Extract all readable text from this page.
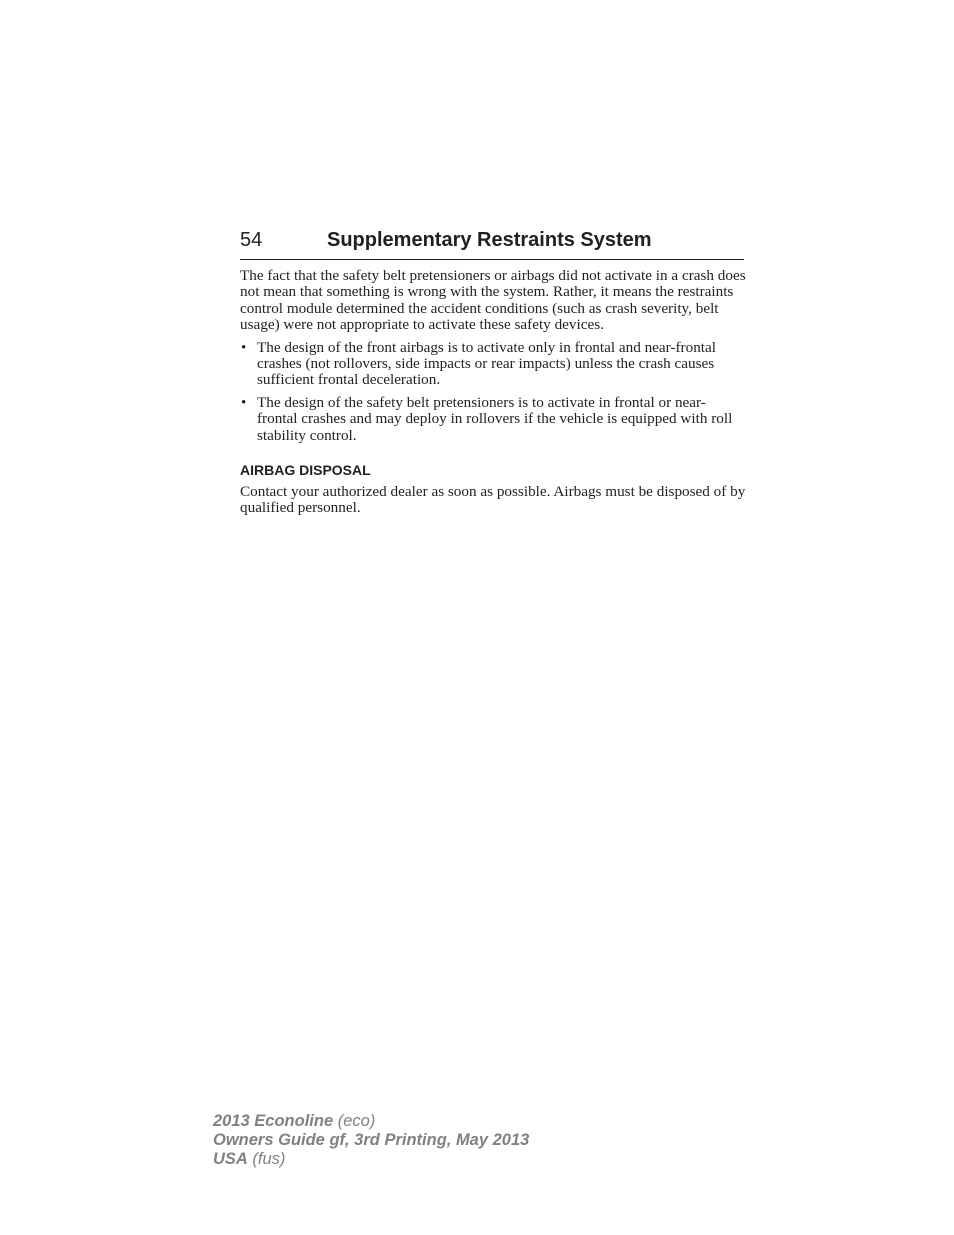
54	Supplementary Restraints System

The fact that the safety belt pretensioners or airbags did not activate in a crash does not mean that something is wrong with the system. Rather, it means the restraints control module determined the accident conditions (such as crash severity, belt usage) were not appropriate to activate these safety devices.

• The design of the front airbags is to activate only in frontal and near-frontal crashes (not rollovers, side impacts or rear impacts) unless the crash causes sufficient frontal deceleration.
• The design of the safety belt pretensioners is to activate in frontal or near-frontal crashes and may deploy in rollovers if the vehicle is equipped with roll stability control.
AIRBAG DISPOSAL

Contact your authorized dealer as soon as possible. Airbags must be disposed of by qualified personnel.

2013 Econoline (eco)
Owners Guide gf, 3rd Printing, May 2013
USA (fus)
